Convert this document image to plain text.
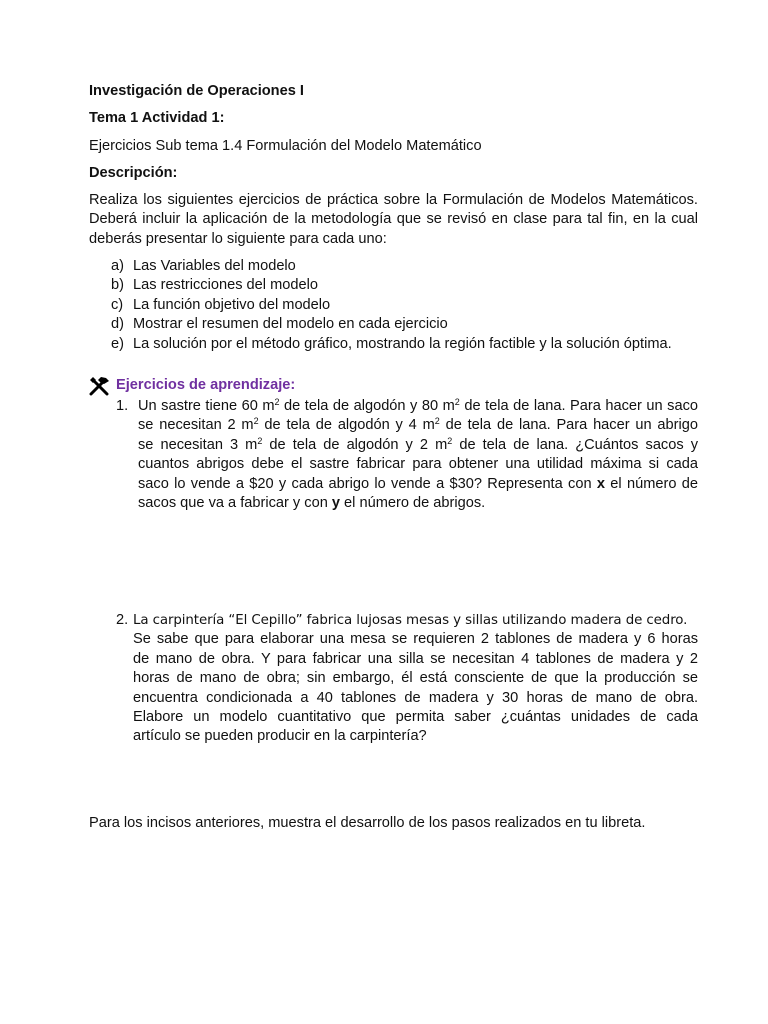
Investigación de Operaciones I

Tema 1 Actividad 1:

Ejercicios Sub tema 1.4 Formulación del Modelo Matemático

Descripción:

Realiza los siguientes ejercicios de práctica sobre la Formulación de Modelos Matemáticos.
Deberá incluir la aplicación de la metodología que se revisó en clase para tal fin, en la cual
deberás presentar lo siguiente para cada uno:
a) Las Variables del modelo
b) Las restricciones del modelo
c) La función objetivo del modelo
d) Mostrar el resumen del modelo en cada ejercicio
e) La solución por el método gráfico, mostrando la región factible y la solución óptima.
Ejercicios de aprendizaje:
1. Un sastre tiene 60 $m^2$ de tela de algodón y 80 $m^2$ de tela de lana. Para hacer un saco
se necesitan 2 $m^2$ de tela de algodón y 4 $m^2$ de tela de lana. Para hacer un abrigo
se necesitan 3 $m^2$ de tela de algodón y 2 $m^2$ de tela de lana. ¿Cuántos sacos y
cuantos abrigos debe el sastre fabricar para obtener una utilidad máxima si cada
saco lo vende a $20 y cada abrigo lo vende a $30? Representa con x el número de
sacos que va a fabricar y con y el número de abrigos.
2. La carpintería “El Cepillo” fabrica lujosas mesas y sillas utilizando madera de cedro.
Se sabe que para elaborar una mesa se requieren 2 tablones de madera y 6 horas
de mano de obra. Y para fabricar una silla se necesitan 4 tablones de madera y 2
horas de mano de obra; sin embargo, él está consciente de que la producción se
encuentra condicionada a 40 tablones de madera y 30 horas de mano de obra.
Elabore un modelo cuantitativo que permita saber ¿cuántas unidades de cada
artículo se pueden producir en la carpintería?

Para los incisos anteriores, muestra el desarrollo de los pasos realizados en tu libreta.
